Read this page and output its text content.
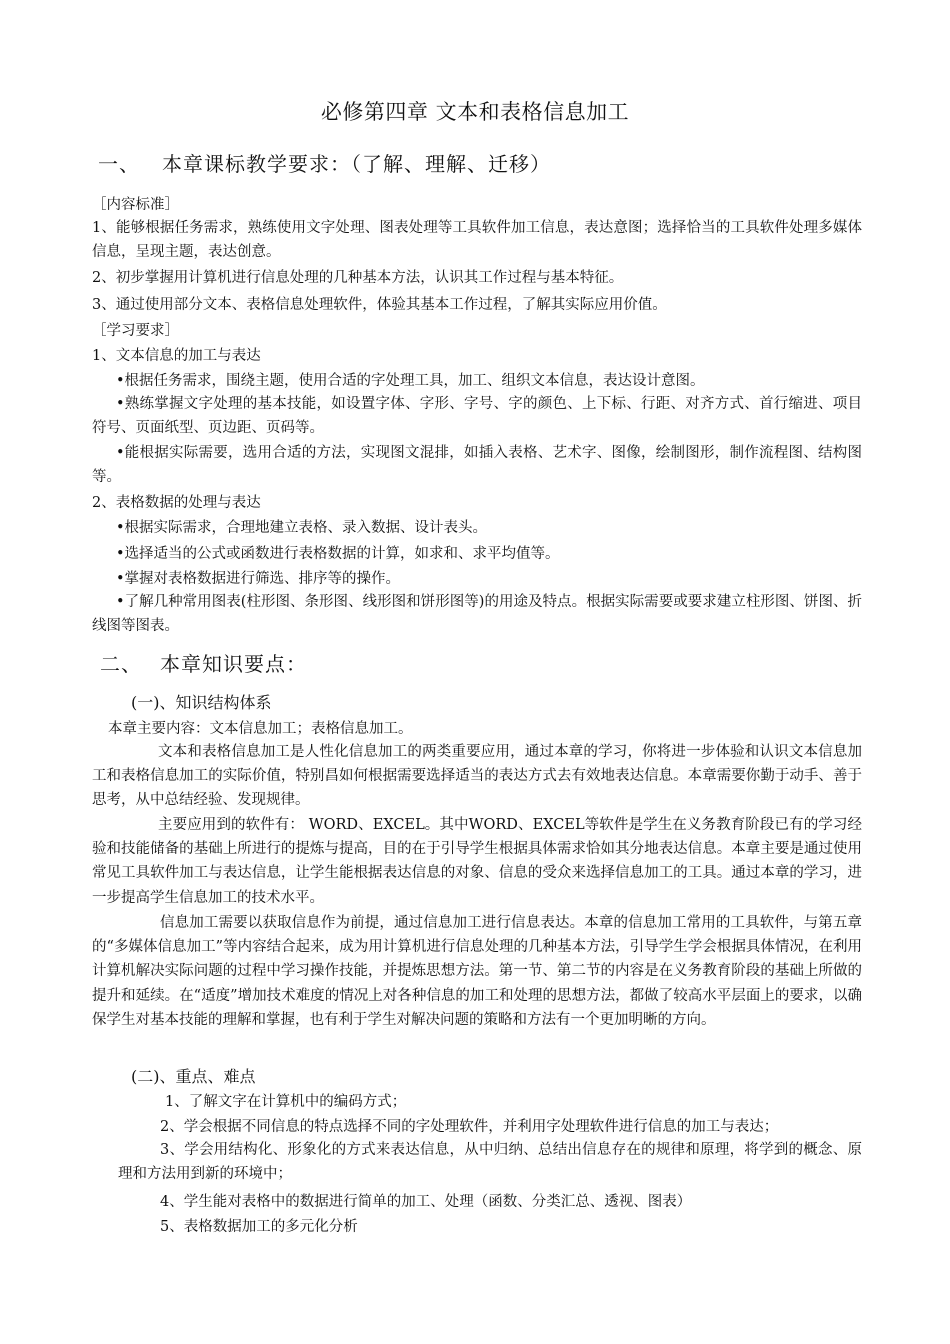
必修第四章 文本和表格信息加工
一、 本章课标教学要求：（了解、理解、迁移）
［内容标准］
1、能够根据任务需求，熟练使用文字处理、图表处理等工具软件加工信息，表达意图；选择恰当的工具软件处理多媒体信息，呈现主题，表达创意。
2、初步掌握用计算机进行信息处理的几种基本方法，认识其工作过程与基本特征。
3、通过使用部分文本、表格信息处理软件，体验其基本工作过程，了解其实际应用价值。
［学习要求］
1、文本信息的加工与表达
•根据任务需求，围绕主题，使用合适的字处理工具，加工、组织文本信息，表达设计意图。
•熟练掌握文字处理的基本技能，如设置字体、字形、字号、字的颜色、上下标、行距、对齐方式、首行缩进、项目符号、页面纸型、页边距、页码等。
•能根据实际需要，选用合适的方法，实现图文混排，如插入表格、艺术字、图像，绘制图形，制作流程图、结构图等。
2、表格数据的处理与表达
•根据实际需求，合理地建立表格、录入数据、设计表头。
•选择适当的公式或函数进行表格数据的计算，如求和、求平均值等。
•掌握对表格数据进行筛选、排序等的操作。
•了解几种常用图表(柱形图、条形图、线形图和饼形图等)的用途及特点。根据实际需要或要求建立柱形图、饼图、折线图等图表。
二、 本章知识要点：
(一)、知识结构体系
本章主要内容：文本信息加工；表格信息加工。
文本和表格信息加工是人性化信息加工的两类重要应用，通过本章的学习，你将进一步体验和认识文本信息加工和表格信息加工的实际价值，特别昌如何根据需要选择适当的表达方式去有效地表达信息。本章需要你勤于动手、善于思考，从中总结经验、发现规律。
主要应用到的软件有： WORD、EXCEL。其中WORD、EXCEL等软件是学生在义务教育阶段已有的学习经验和技能储备的基础上所进行的提炼与提高，目的在于引导学生根据具体需求恰如其分地表达信息。本章主要是通过使用常见工具软件加工与表达信息，让学生能根据表达信息的对象、信息的受众来选择信息加工的工具。通过本章的学习，进一步提高学生信息加工的技术水平。
信息加工需要以获取信息作为前提，通过信息加工进行信息表达。本章的信息加工常用的工具软件，与第五章的“多媒体信息加工”等内容结合起来，成为用计算机进行信息处理的几种基本方法，引导学生学会根据具体情况，在利用计算机解决实际问题的过程中学习操作技能，并提炼思想方法。第一节、第二节的内容是在义务教育阶段的基础上所做的提升和延续。在“适度”增加技术难度的情况上对各种信息的加工和处理的思想方法，都做了较高水平层面上的要求，以确保学生对基本技能的理解和掌握，也有利于学生对解决问题的策略和方法有一个更加明晰的方向。
(二)、重点、难点
1、了解文字在计算机中的编码方式；
2、学会根据不同信息的特点选择不同的字处理软件，并利用字处理软件进行信息的加工与表达；
3、学会用结构化、形象化的方式来表达信息，从中归纳、总结出信息存在的规律和原理，将学到的概念、原理和方法用到新的环境中；
4、学生能对表格中的数据进行简单的加工、处理（函数、分类汇总、透视、图表）
5、表格数据加工的多元化分析
